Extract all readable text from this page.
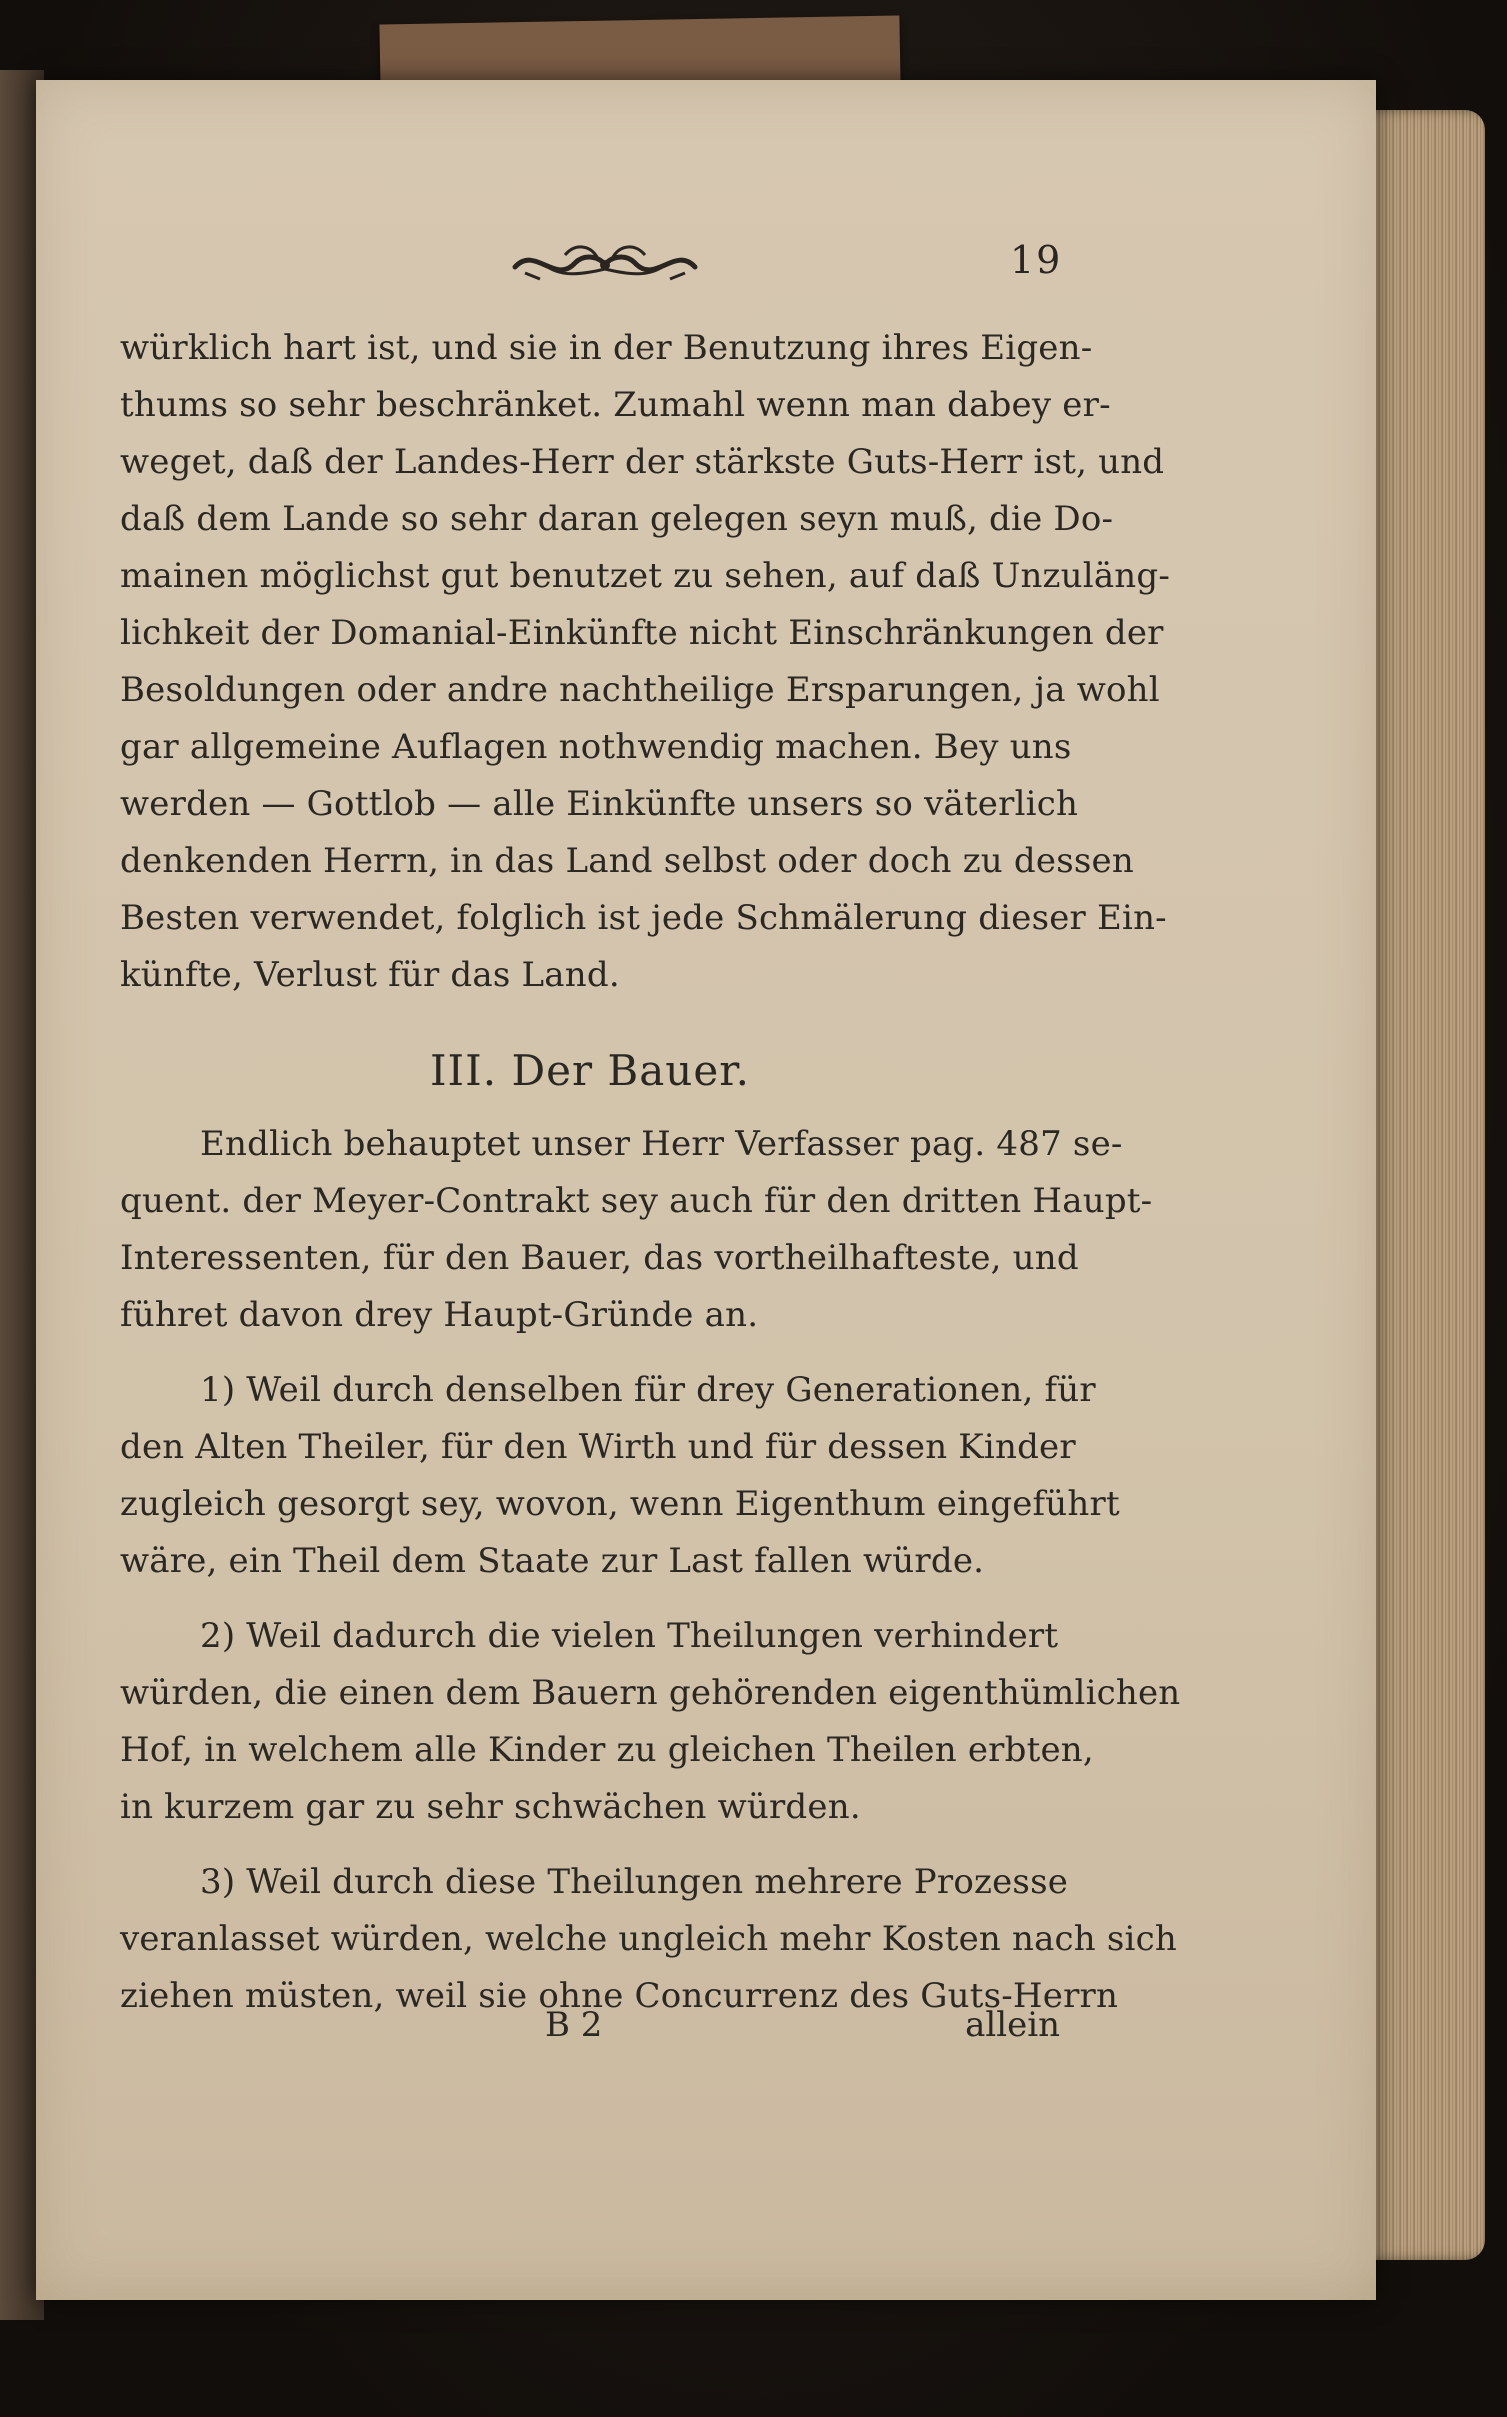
19
würklich hart ist, und sie in der Benutzung ihres Eigen-
thums so sehr beschränket. Zumahl wenn man dabey er-
weget, daß der Landes-Herr der stärkste Guts-Herr ist, und
daß dem Lande so sehr daran gelegen seyn muß, die Do-
mainen möglichst gut benutzet zu sehen, auf daß Unzuläng-
lichkeit der Domanial-Einkünfte nicht Einschränkungen der
Besoldungen oder andre nachtheilige Ersparungen, ja wohl
gar allgemeine Auflagen nothwendig machen. Bey uns
werden — Gottlob — alle Einkünfte unsers so väterlich
denkenden Herrn, in das Land selbst oder doch zu dessen
Besten verwendet, folglich ist jede Schmälerung dieser Ein-
künfte, Verlust für das Land.
III. Der Bauer.
Endlich behauptet unser Herr Verfasser pag. 487 se-
quent. der Meyer-Contrakt sey auch für den dritten Haupt-
Interessenten, für den Bauer, das vortheilhafteste, und
führet davon drey Haupt-Gründe an.
1) Weil durch denselben für drey Generationen, für
den Alten Theiler, für den Wirth und für dessen Kinder
zugleich gesorgt sey, wovon, wenn Eigenthum eingeführt
wäre, ein Theil dem Staate zur Last fallen würde.
2) Weil dadurch die vielen Theilungen verhindert
würden, die einen dem Bauern gehörenden eigenthümlichen
Hof, in welchem alle Kinder zu gleichen Theilen erbten,
in kurzem gar zu sehr schwächen würden.
3) Weil durch diese Theilungen mehrere Prozesse
veranlasset würden, welche ungleich mehr Kosten nach sich
ziehen müsten, weil sie ohne Concurrenz des Guts-Herrn
B 2	allein
